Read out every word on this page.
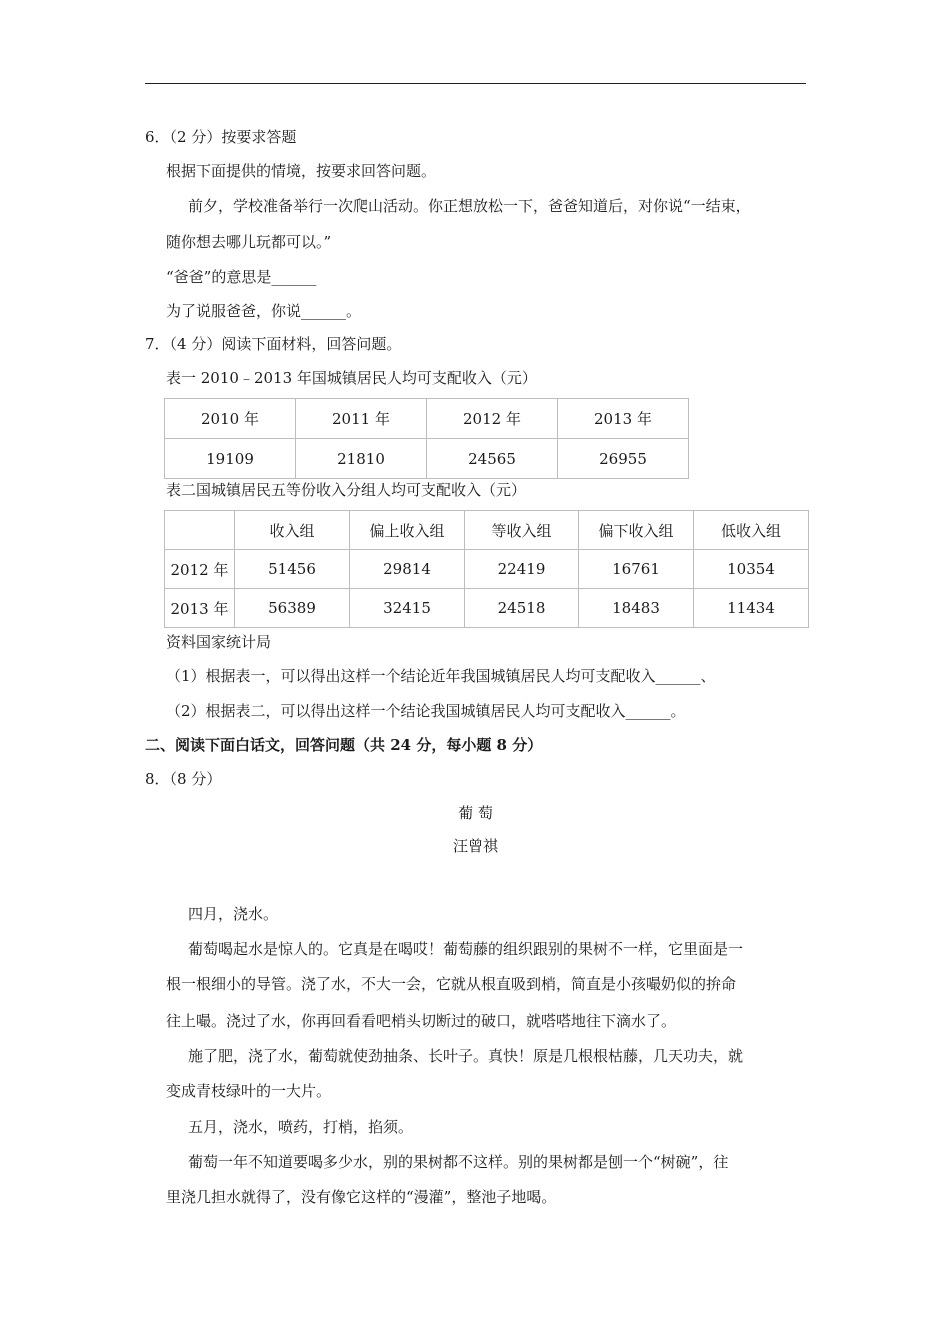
6．（2 分）按要求答题
根据下面提供的情境，按要求回答问题。
前夕，学校准备举行一次爬山活动。你正想放松一下，爸爸知道后，对你说“一结束，
随你想去哪儿玩都可以。”
“爸爸”的意思是______
为了说服爸爸，你说______。
7．（4 分）阅读下面材料，回答问题。
表一 2010﹣2013 年国城镇居民人均可支配收入（元）
2010 年	2011 年	2012 年	2013 年
19109	21810	24565	26955
表二国城镇居民五等份收入分组人均可支配收入（元）
	收入组	偏上收入组	等收入组	偏下收入组	低收入组
2012 年	51456	29814	22419	16761	10354
2013 年	56389	32415	24518	18483	11434
资料国家统计局
（1）根据表一，可以得出这样一个结论近年我国城镇居民人均可支配收入______、
（2）根据表二，可以得出这样一个结论我国城镇居民人均可支配收入______。
二、阅读下面白话文，回答问题（共 24 分，每小题 8 分）
8．（8 分）
葡 萄
汪曾祺
四月，浇水。
葡萄喝起水是惊人的。它真是在喝哎！葡萄藤的组织跟别的果树不一样，它里面是一
根一根细小的导管。浇了水，不大一会，它就从根直吸到梢，简直是小孩嘬奶似的拚命
往上嘬。浇过了水，你再回看看吧梢头切断过的破口，就嗒嗒地往下滴水了。
施了肥，浇了水，葡萄就使劲抽条、长叶子。真快！原是几根根枯藤，几天功夫，就
变成青枝绿叶的一大片。
五月，浇水，喷药，打梢，掐须。
葡萄一年不知道要喝多少水，别的果树都不这样。别的果树都是刨一个“树碗”，往
里浇几担水就得了，没有像它这样的“漫灌”，整池子地喝。
